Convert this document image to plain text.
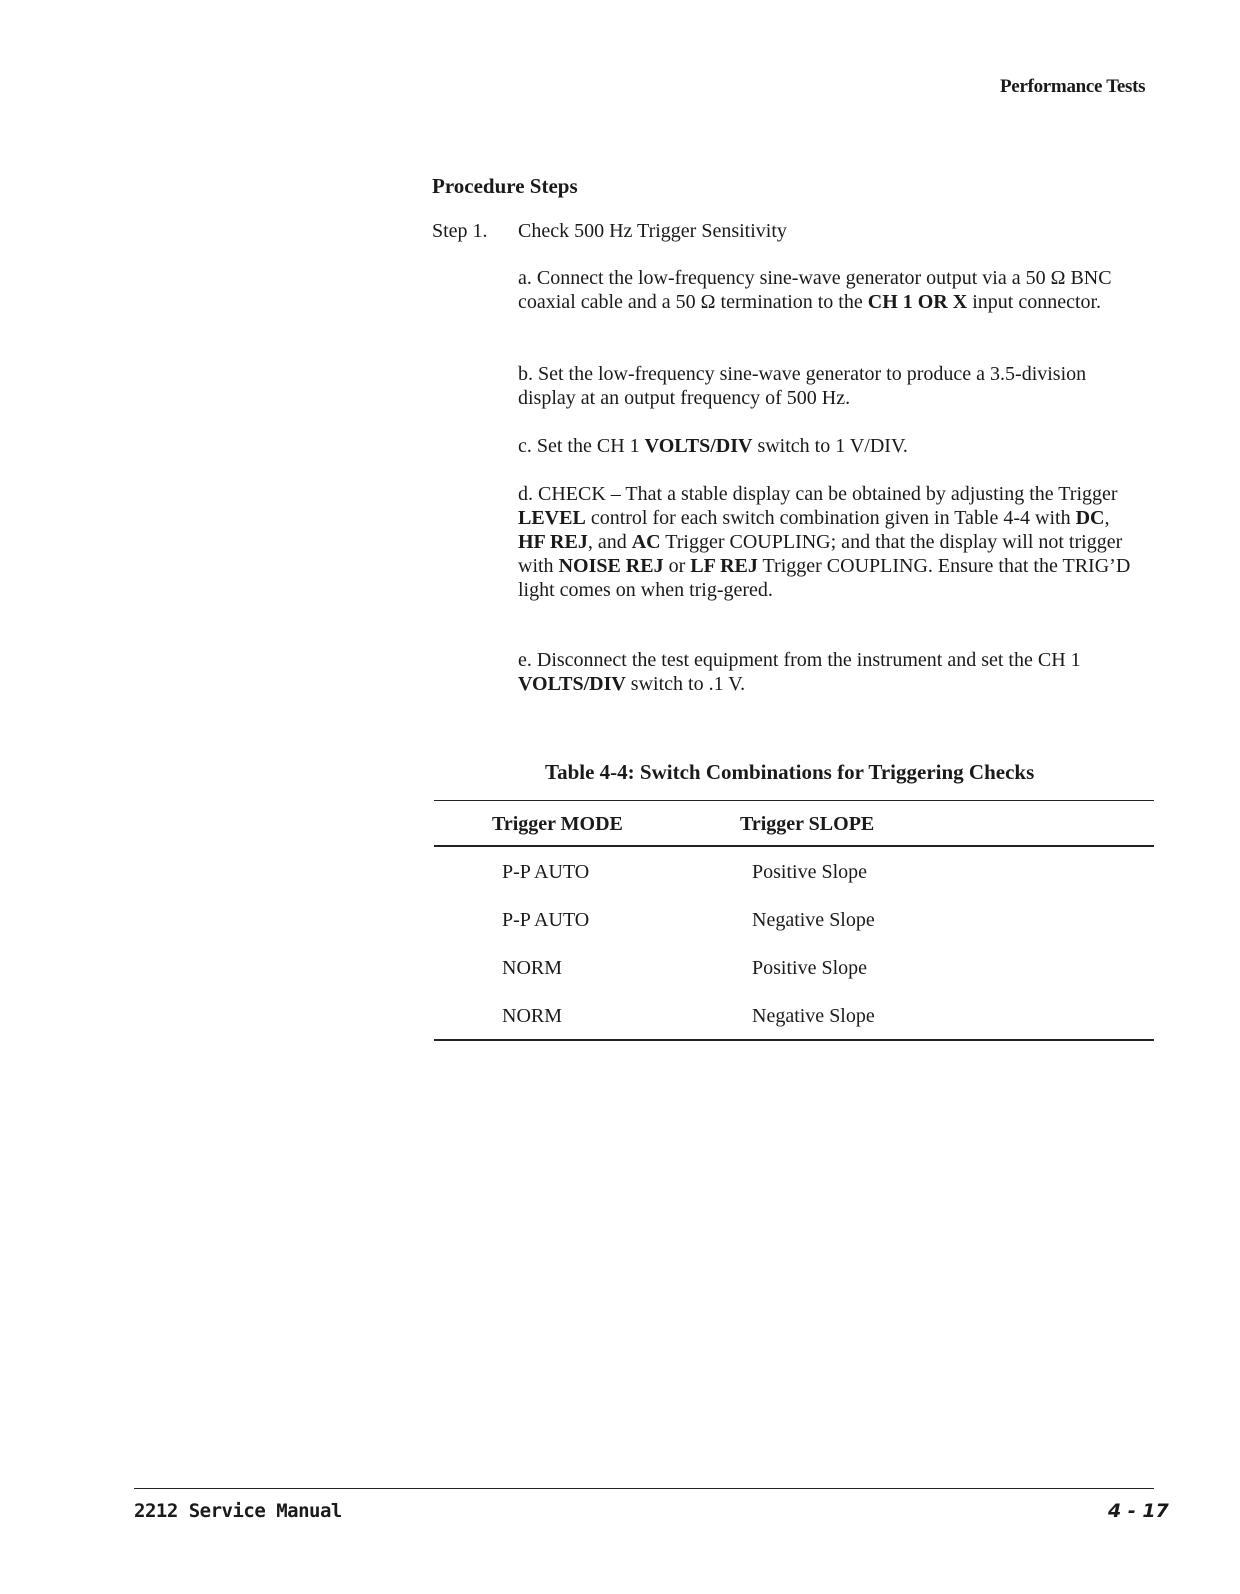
Performance Tests
Procedure Steps
Step 1. Check 500 Hz Trigger Sensitivity
a. Connect the low-frequency sine-wave generator output via a 50 Ω BNC coaxial cable and a 50 Ω termination to the CH 1 OR X input connector.
b. Set the low-frequency sine-wave generator to produce a 3.5-division display at an output frequency of 500 Hz.
c. Set the CH 1 VOLTS/DIV switch to 1 V/DIV.
d. CHECK – That a stable display can be obtained by adjusting the Trigger LEVEL control for each switch combination given in Table 4-4 with DC, HF REJ, and AC Trigger COUPLING; and that the display will not trigger with NOISE REJ or LF REJ Trigger COUPLING. Ensure that the TRIG’D light comes on when trig-gered.
e. Disconnect the test equipment from the instrument and set the CH 1 VOLTS/DIV switch to .1 V.
Table 4-4: Switch Combinations for Triggering Checks
Trigger MODE	Trigger SLOPE
P-P AUTO	Positive Slope
P-P AUTO	Negative Slope
NORM	Positive Slope
NORM	Negative Slope
2212 Service Manual	4 - 17
